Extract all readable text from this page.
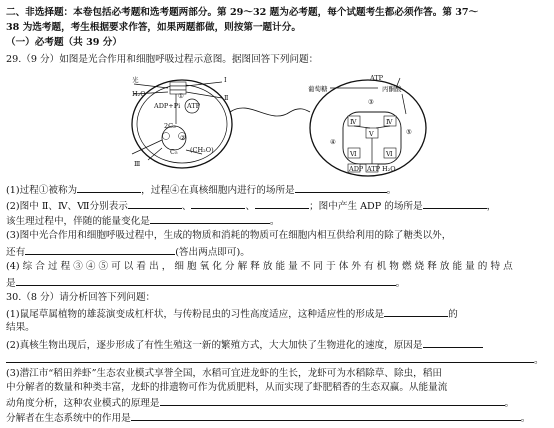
二、非选择题：本卷包括必考题和选考题两部分。第 29～32 题为必考题，每个试题考生都必须作答。第 37～
38 为选考题，考生根据要求作答，如果两题都做，则按第一题计分。
（一）必考题（共 39 分）
29.（9 分）如图是光合作用和细胞呼吸过程示意图。据图回答下列问题：
光
H₂O
ADP+Pi ATP
2C₃
C₅ (CH₂O)
Ⅰ
Ⅱ
Ⅲ
①
②
葡萄糖
ATP
丙酮酸
Ⅳ	Ⅳ
Ⅴ
Ⅵ	Ⅵ
④
③
⑤
ADP ATP H₂O
(1)过程①被称为	，过程④在真核细胞内进行的场所是	。
(2)图中 Ⅱ、Ⅳ、Ⅶ分别表示	、	、	；图中产生 ADP 的场所是	，
该生理过程中，伴随的能量变化是	。
(3)图中光合作用和细胞呼吸过程中，生成的物质和消耗的物质可在细胞内相互供给利用的除了糖类以外，
还有	(答出两点即可)。
(4) 综 合 过 程 ③ ④ ⑤ 可 以 看 出 ， 细 胞 氧 化 分 解 释 放 能 量 不 同 于 体 外 有 机 物 燃 烧 释 放 能 量 的 特 点
是	。
30.（8 分）请分析回答下列问题：
(1)鼠尾草属植物的雄蕊演变成杠杆状，与传粉昆虫的习性高度适应，这种适应性的形成是	的
结果。
(2)真核生物出现后，逐步形成了有性生殖这一新的繁殖方式，大大加快了生物进化的速度，原因是
。
(3)潜江市“稻田养虾”生态农业模式享誉全国，水稻可宜进龙虾的生长，龙虾可为水稻除草、除虫，稻田
中分解者的数量和种类丰富，龙虾的排遗物可作为优质肥料，从而实现了虾肥稻香的生态双赢。从能量流
动角度分析，这种农业模式的原理是	。
分解者在生态系统中的作用是	。
